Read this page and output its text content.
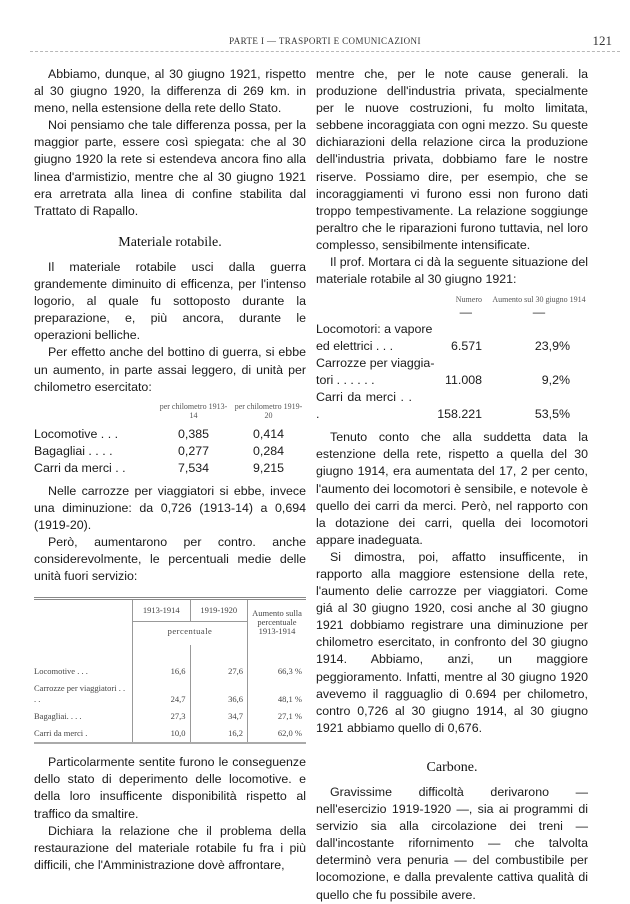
PARTE I — TRASPORTI E COMUNICAZIONI	121

Abbiamo, dunque, al 30 giugno 1921, rispetto al 30 giugno 1920, la differenza di 269 km. in meno, nella estensione della rete dello Stato.

Noi pensiamo che tale differenza possa, per la maggior parte, essere così spiegata: che al 30 giugno 1920 la rete si estendeva ancora fino alla linea d'armistizio, mentre che al 30 giugno 1921 era arretrata alla linea di confine stabilita dal Trattato di Rapallo.

Materiale rotabile.

Il materiale rotabile usci dalla guerra grandemente diminuito di efficenza, per l'intenso logorio, al quale fu sottoposto durante la preparazione, e, più ancora, durante le operazioni belliche.

Per effetto anche del bottino di guerra, si ebbe un aumento, in parte assai leggero, di unità per chilometro esercitato:

	per chilometro 1913-14	per chilometro 1919-20

Locomotive . . .	0,385	0,414
Bagagliai . . . .	0,277	0,284
Carri da merci . .	7,534	9,215

Nelle carrozze per viaggiatori si ebbe, invece una diminuzione: da 0,726 (1913-14) a 0,694 (1919-20).

Però, aumentarono per contro. anche considerevolmente, le percentuali medie delle unità fuori servizio:

	1913-1914	1919-1920	Aumento sulla percentuale 1913-1914
	percentuale		

Locomotive . . .	16,6	27,6	66,3 %
Carrozze per viaggiatori . . . .	24,7	36,6	48,1 %
Bagagliai. . . .	27,3	34,7	27,1 %
Carri da merci .	10,0	16,2	62,0 %

Particolarmente sentite furono le conseguenze dello stato di deperimento delle locomotive. e della loro insufficente disponibilità rispetto al traffico da smaltire.

Dichiara la relazione che il problema della restaurazione del materiale rotabile fu fra i più difficili, che l'Amministrazione dovè affrontare,

mentre che, per le note cause generali. la produzione dell'industria privata, specialmente per le nuove costruzioni, fu molto limitata, sebbene incoraggiata con ogni mezzo. Su queste dichiarazioni della relazione circa la produzione dell'industria privata, dobbiamo fare le nostre riserve. Possiamo dire, per esempio, che se incoraggiamenti vi furono essi non furono dati troppo tempestivamente. La relazione soggiunge peraltro che le riparazioni furono tuttavia, nel loro complesso, sensibilmente intensificate.

Il prof. Mortara ci dà la seguente situazione del materiale rotabile al 30 giugno 1921:

	Numero	Aumento sul 30 giugno 1914
	—	—
Locomotori: a vapore		
ed elettrici . . .	6.571	23,9%
Carrozze per viaggia-		
tori . . . . . .	11.008	9,2%
Carri da merci . . .	158.221	53,5%

Tenuto conto che alla suddetta data la estenzione della rete, rispetto a quella del 30 giugno 1914, era aumentata del 17, 2 per cento, l'aumento dei locomotori è sensibile, e notevole è quello dei carri da merci. Però, nel rapporto con la dotazione dei carri, quella dei locomotori appare inadeguata.

Si dimostra, poi, affatto insufficente, in rapporto alla maggiore estensione della rete, l'aumento delie carrozze per viaggiatori. Come giá al 30 giugno 1920, cosi anche al 30 giugno 1921 dobbiamo registrare una diminuzione per chilometro esercitato, in confronto del 30 giugno 1914. Abbiamo, anzi, un maggiore peggioramento. Infatti, mentre al 30 giugno 1920 avevemo il ragguaglio di 0.694 per chilometro, contro 0,726 al 30 giugno 1914, al 30 giugno 1921 abbiamo quello di 0,676.

Carbone.

Gravissime difficoltà derivarono — nell'esercizio 1919-1920 —, sia ai programmi di servizio sia alla circolazione dei treni — dall'incostante rifornimento — che talvolta determinò vera penuria — del combustibile per locomozione, e dalla prevalente cattiva qualità di quello che fu possibile avere.
